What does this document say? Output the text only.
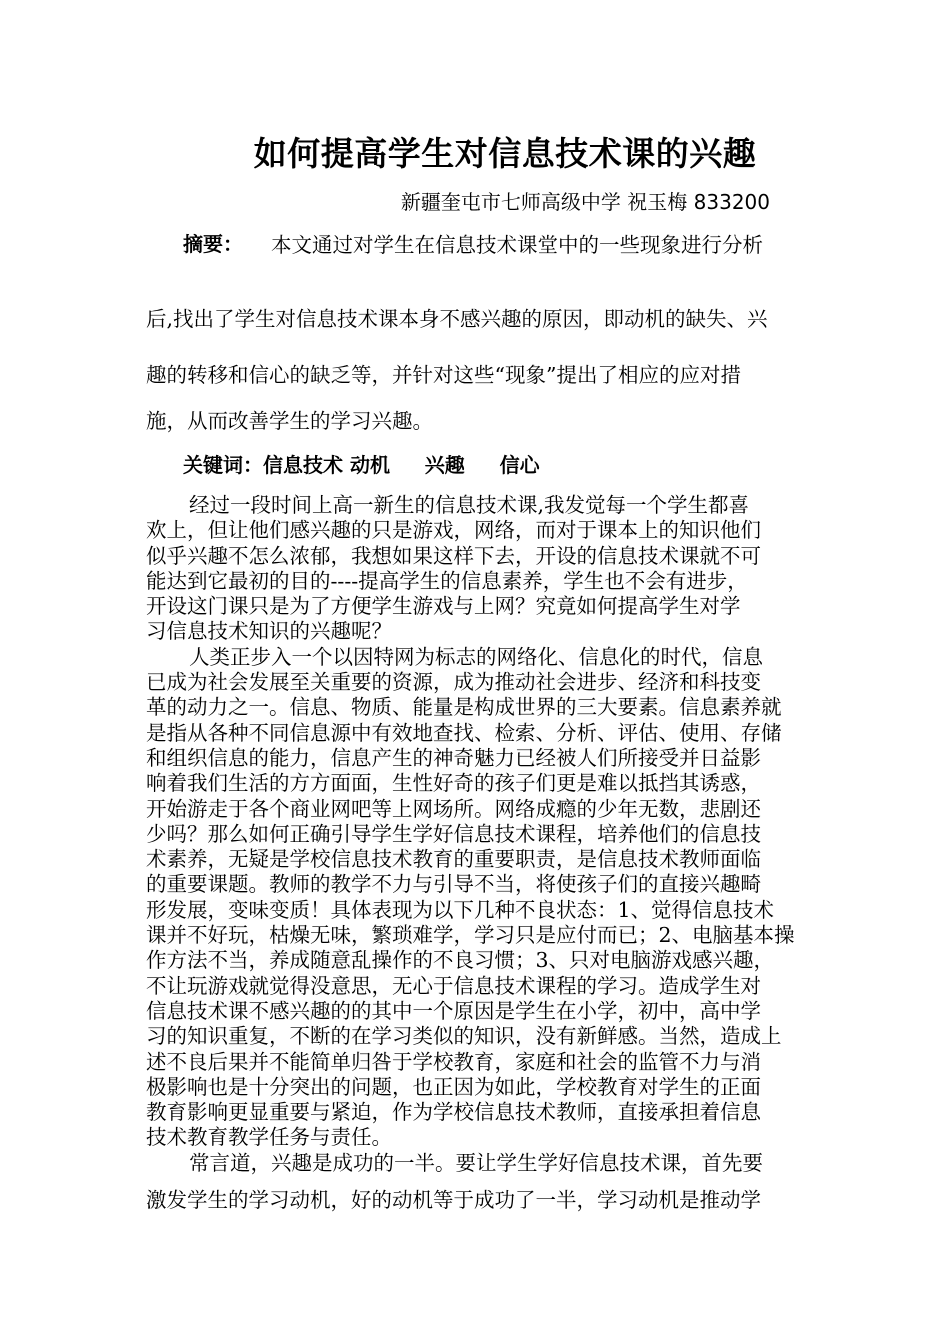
如何提高学生对信息技术课的兴趣
新疆奎屯市七师高级中学 祝玉梅 833200
摘要： 本文通过对学生在信息技术课堂中的一些现象进行分析
后,找出了学生对信息技术课本身不感兴趣的原因，即动机的缺失、兴
趣的转移和信心的缺乏等，并针对这些“现象”提出了相应的应对措
施，从而改善学生的学习兴趣。
关键词：信息技术 动机     兴趣     信心
经过一段时间上高一新生的信息技术课,我发觉每一个学生都喜
欢上，但让他们感兴趣的只是游戏，网络，而对于课本上的知识他们
似乎兴趣不怎么浓郁，我想如果这样下去，开设的信息技术课就不可
能达到它最初的目的----提高学生的信息素养，学生也不会有进步，
开设这门课只是为了方便学生游戏与上网？究竟如何提高学生对学
习信息技术知识的兴趣呢？
人类正步入一个以因特网为标志的网络化、信息化的时代，信息
已成为社会发展至关重要的资源，成为推动社会进步、经济和科技变
革的动力之一。信息、物质、能量是构成世界的三大要素。信息素养就
是指从各种不同信息源中有效地查找、检索、分析、评估、使用、存储
和组织信息的能力，信息产生的神奇魅力已经被人们所接受并日益影
响着我们生活的方方面面，生性好奇的孩子们更是难以抵挡其诱惑，
开始游走于各个商业网吧等上网场所。网络成瘾的少年无数，悲剧还
少吗？那么如何正确引导学生学好信息技术课程，培养他们的信息技
术素养，无疑是学校信息技术教育的重要职责，是信息技术教师面临
的重要课题。教师的教学不力与引导不当，将使孩子们的直接兴趣畸
形发展，变味变质！具体表现为以下几种不良状态：1、觉得信息技术
课并不好玩，枯燥无味，繁琐难学，学习只是应付而已；2、电脑基本操
作方法不当，养成随意乱操作的不良习惯；3、只对电脑游戏感兴趣，
不让玩游戏就觉得没意思，无心于信息技术课程的学习。造成学生对
信息技术课不感兴趣的的其中一个原因是学生在小学，初中，高中学
习的知识重复，不断的在学习类似的知识，没有新鲜感。当然，造成上
述不良后果并不能简单归咎于学校教育，家庭和社会的监管不力与消
极影响也是十分突出的问题，也正因为如此，学校教育对学生的正面
教育影响更显重要与紧迫，作为学校信息技术教师，直接承担着信息
技术教育教学任务与责任。
常言道，兴趣是成功的一半。要让学生学好信息技术课，首先要
激发学生的学习动机，好的动机等于成功了一半，学习动机是推动学
